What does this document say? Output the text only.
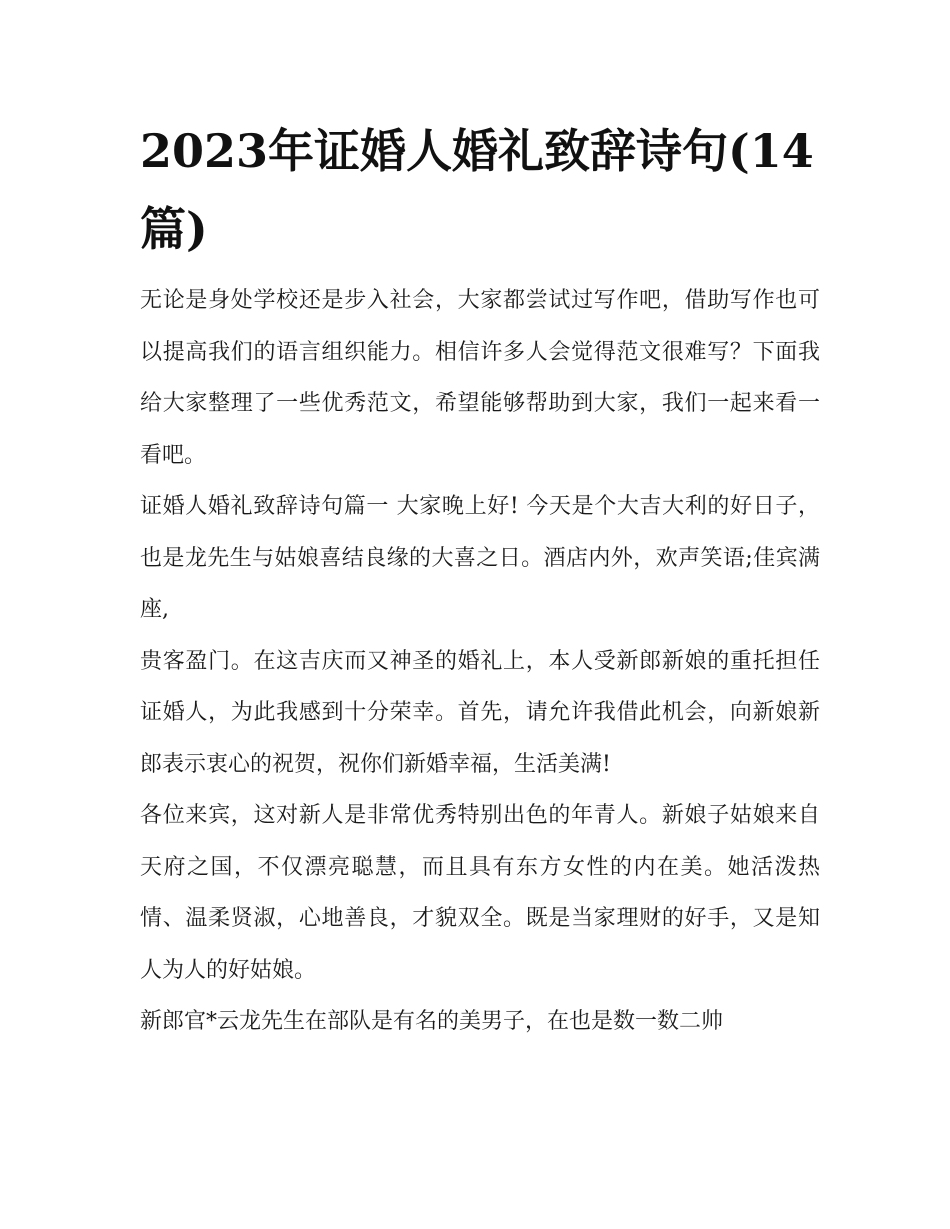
2023年证婚人婚礼致辞诗句(14篇)

无论是身处学校还是步入社会，大家都尝试过写作吧，借助写作也可以提高我们的语言组织能力。相信许多人会觉得范文很难写？下面我给大家整理了一些优秀范文，希望能够帮助到大家，我们一起来看一看吧。

证婚人婚礼致辞诗句篇一 大家晚上好! 今天是个大吉大利的好日子，也是龙先生与姑娘喜结良缘的大喜之日。酒店内外，欢声笑语;佳宾满座,

贵客盈门。在这吉庆而又神圣的婚礼上，本人受新郎新娘的重托担任证婚人，为此我感到十分荣幸。首先，请允许我借此机会，向新娘新郎表示衷心的祝贺，祝你们新婚幸福，生活美满!

各位来宾，这对新人是非常优秀特别出色的年青人。新娘子姑娘来自天府之国，不仅漂亮聪慧，而且具有东方女性的内在美。她活泼热情、温柔贤淑，心地善良，才貌双全。既是当家理财的好手，又是知人为人的好姑娘。

新郎官*云龙先生在部队是有名的美男子，在也是数一数二帅
